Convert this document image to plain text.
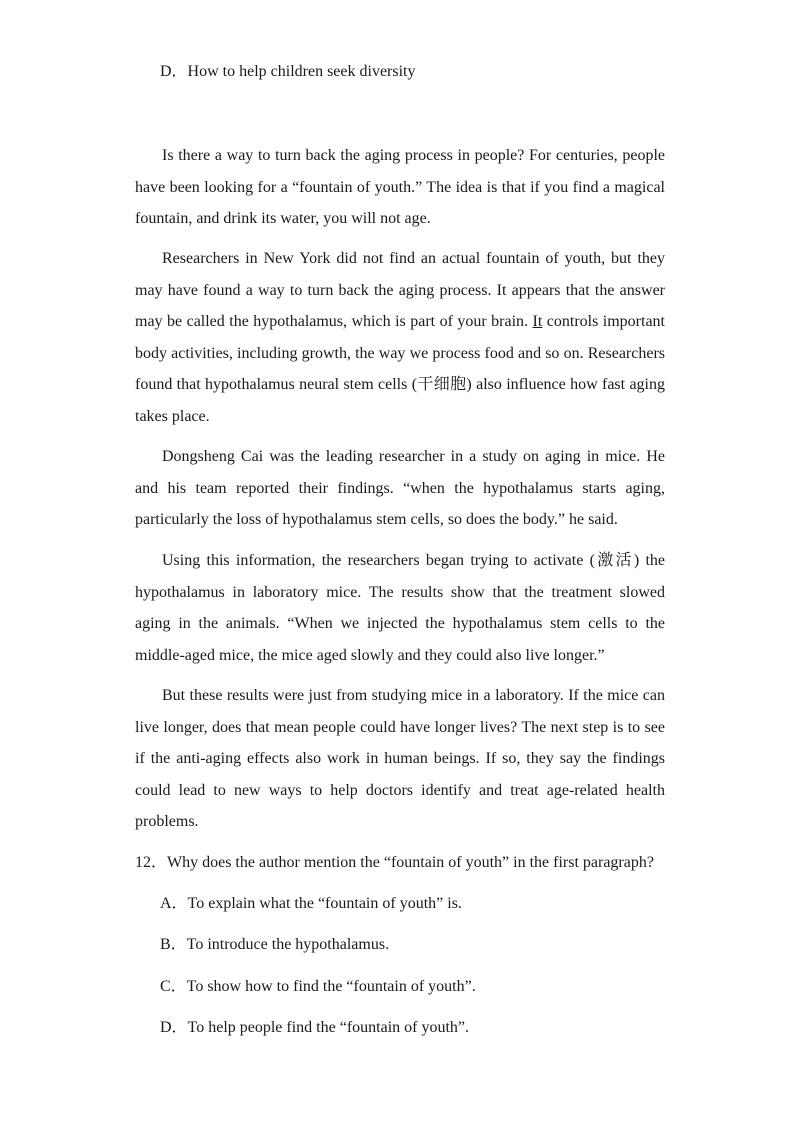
D．How to help children seek diversity
Is there a way to turn back the aging process in people? For centuries, people have been looking for a “fountain of youth.” The idea is that if you find a magical fountain, and drink its water, you will not age.
Researchers in New York did not find an actual fountain of youth, but they may have found a way to turn back the aging process. It appears that the answer may be called the hypothalamus, which is part of your brain. It controls important body activities, including growth, the way we process food and so on. Researchers found that hypothalamus neural stem cells (干细胞) also influence how fast aging takes place.
Dongsheng Cai was the leading researcher in a study on aging in mice. He and his team reported their findings. “when the hypothalamus starts aging, particularly the loss of hypothalamus stem cells, so does the body.” he said.
Using this information, the researchers began trying to activate (激活) the hypothalamus in laboratory mice. The results show that the treatment slowed aging in the animals. “When we injected the hypothalamus stem cells to the middle-aged mice, the mice aged slowly and they could also live longer.”
But these results were just from studying mice in a laboratory. If the mice can live longer, does that mean people could have longer lives? The next step is to see if the anti-aging effects also work in human beings. If so, they say the findings could lead to new ways to help doctors identify and treat age-related health problems.
12．Why does the author mention the “fountain of youth” in the first paragraph?
A．To explain what the “fountain of youth” is.
B．To introduce the hypothalamus.
C．To show how to find the “fountain of youth”.
D．To help people find the “fountain of youth”.
